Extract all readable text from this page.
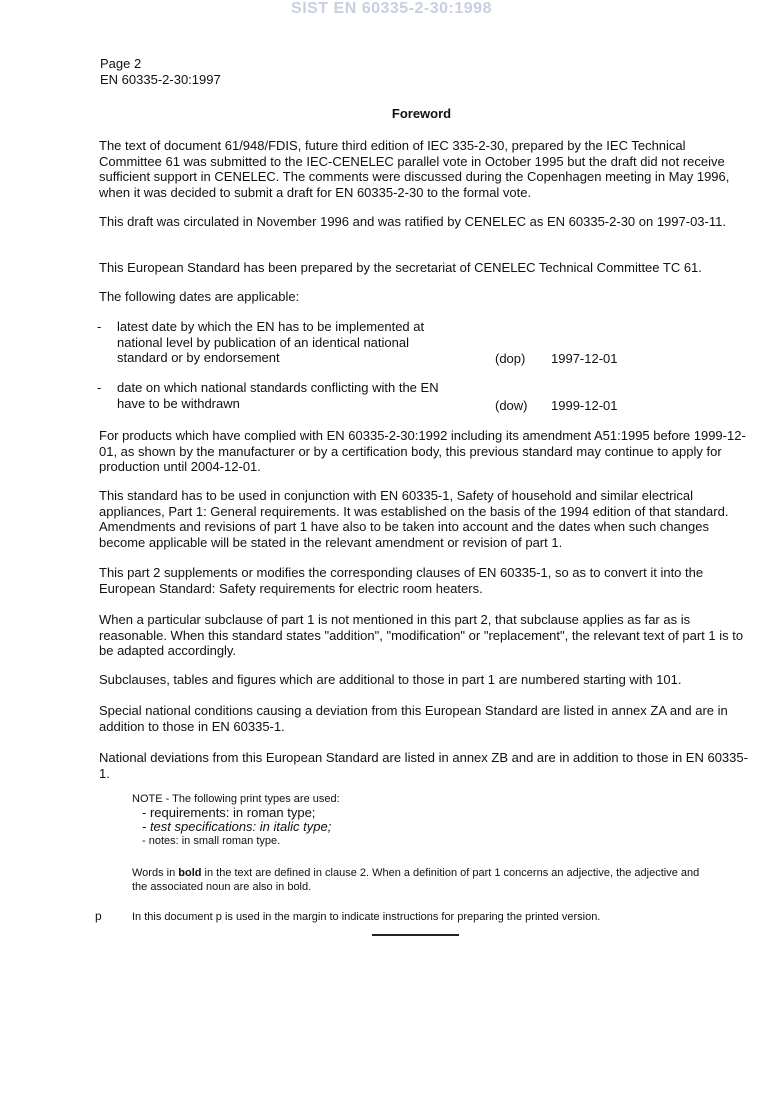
SIST EN 60335-2-30:1998
Page 2
EN 60335-2-30:1997
Foreword
The text of document 61/948/FDIS, future third edition of IEC 335-2-30, prepared by the IEC Technical Committee 61 was submitted to the IEC-CENELEC parallel vote in October 1995 but the draft did not receive sufficient support in CENELEC. The comments were discussed during the Copenhagen meeting in May 1996, when it was decided to submit a draft for EN 60335-2-30 to the formal vote.
This draft was circulated in November 1996 and was ratified by CENELEC as EN 60335-2-30 on 1997-03-11.
This European Standard has been prepared by the secretariat of CENELEC Technical Committee TC 61.
The following dates are applicable:
- latest date by which the EN has to be implemented at national level by publication of an identical national standard or by endorsement	(dop) 1997-12-01
- date on which national standards conflicting with the EN have to be withdrawn	(dow) 1999-12-01
For products which have complied with EN 60335-2-30:1992 including its amendment A51:1995 before 1999-12-01, as shown by the manufacturer or by a certification body, this previous standard may continue to apply for production until 2004-12-01.
This standard has to be used in conjunction with EN 60335-1, Safety of household and similar electrical appliances, Part 1: General requirements. It was established on the basis of the 1994 edition of that standard. Amendments and revisions of part 1 have also to be taken into account and the dates when such changes become applicable will be stated in the relevant amendment or revision of part 1.
This part 2 supplements or modifies the corresponding clauses of EN 60335-1, so as to convert it into the European Standard: Safety requirements for electric room heaters.
When a particular subclause of part 1 is not mentioned in this part 2, that subclause applies as far as is reasonable. When this standard states "addition", "modification" or "replacement", the relevant text of part 1 is to be adapted accordingly.
Subclauses, tables and figures which are additional to those in part 1 are numbered starting with 101.
Special national conditions causing a deviation from this European Standard are listed in annex ZA and are in addition to those in EN 60335-1.
National deviations from this European Standard are listed in annex ZB and are in addition to those in EN 60335-1.
NOTE - The following print types are used:
- requirements: in roman type;
- test specifications: in italic type;
- notes: in small roman type.
Words in bold in the text are defined in clause 2. When a definition of part 1 concerns an adjective, the adjective and the associated noun are also in bold.
p	In this document p is used in the margin to indicate instructions for preparing the printed version.
